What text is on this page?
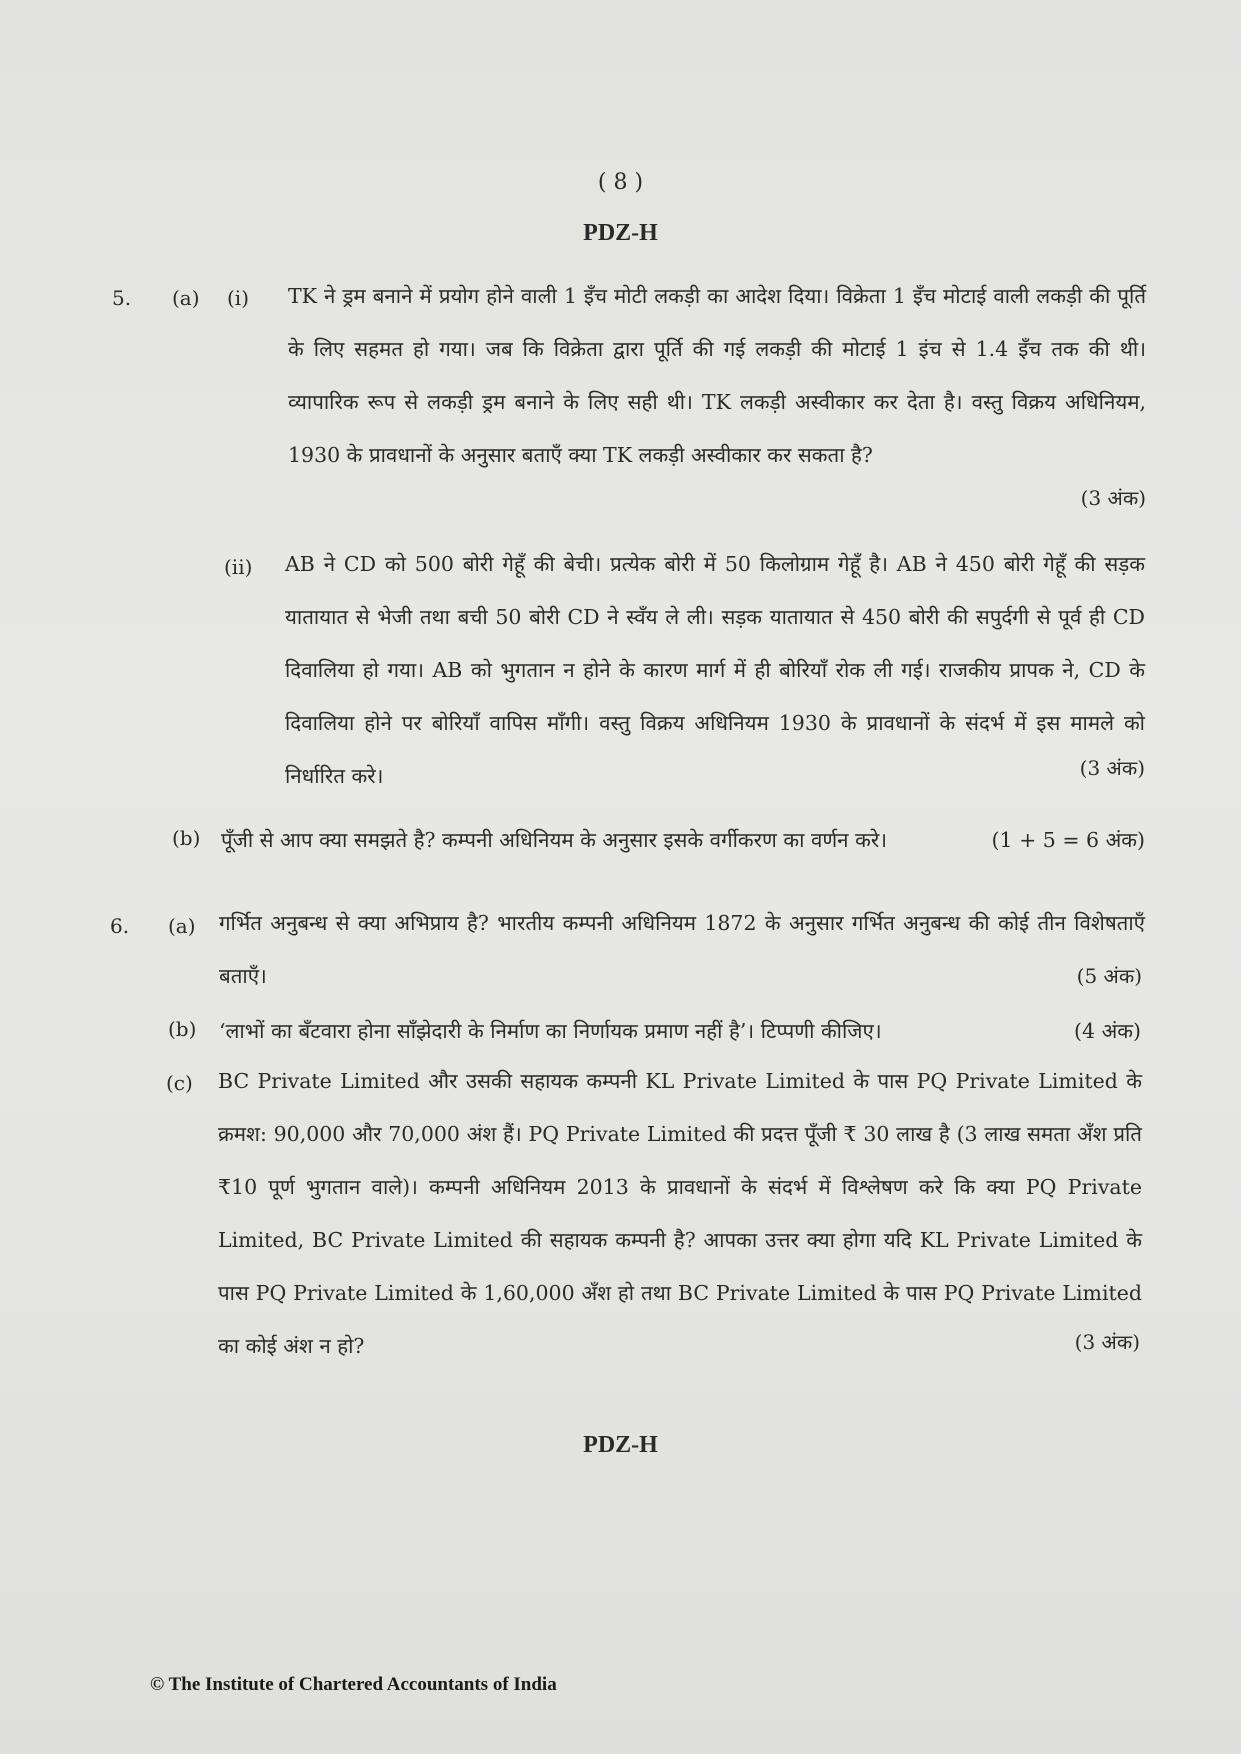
( 8 )
PDZ-H
5. (a) (i) TK ने ड्रम बनाने में प्रयोग होने वाली 1 इँच मोटी लकड़ी का आदेश दिया। विक्रेता 1 इँच मोटाई वाली लकड़ी की पूर्ति के लिए सहमत हो गया। जब कि विक्रेता द्वारा पूर्ति की गई लकड़ी की मोटाई 1 इंच से 1.4 इँच तक की थी। व्यापारिक रूप से लकड़ी ड्रम बनाने के लिए सही थी। TK लकड़ी अस्वीकार कर देता है। वस्तु विक्रय अधिनियम, 1930 के प्रावधानों के अनुसार बताएँ क्या TK लकड़ी अस्वीकार कर सकता है?
(3 अंक)
(ii) AB ने CD को 500 बोरी गेहूँ की बेची। प्रत्येक बोरी में 50 किलोग्राम गेहूँ है। AB ने 450 बोरी गेहूँ की सड़क यातायात से भेजी तथा बची 50 बोरी CD ने स्वँय ले ली। सड़क यातायात से 450 बोरी की सपुर्दगी से पूर्व ही CD दिवालिया हो गया। AB को भुगतान न होने के कारण मार्ग में ही बोरियाँ रोक ली गई। राजकीय प्रापक ने, CD के दिवालिया होने पर बोरियाँ वापिस माँगी। वस्तु विक्रय अधिनियम 1930 के प्रावधानों के संदर्भ में इस मामले को निर्धारित करे।	(3 अंक)
(b) पूँजी से आप क्या समझते है? कम्पनी अधिनियम के अनुसार इसके वर्गीकरण का वर्णन करे।	(1 + 5 = 6 अंक)
6. (a) गर्भित अनुबन्ध से क्या अभिप्राय है? भारतीय कम्पनी अधिनियम 1872 के अनुसार गर्भित अनुबन्ध की कोई तीन विशेषताएँ बताएँ।	(5 अंक)
(b) ‘लाभों का बँटवारा होना साँझेदारी के निर्माण का निर्णायक प्रमाण नहीं है’। टिप्पणी कीजिए।	(4 अंक)
(c) BC Private Limited और उसकी सहायक कम्पनी KL Private Limited के पास PQ Private Limited के क्रमश: 90,000 और 70,000 अंश हैं। PQ Private Limited की प्रदत्त पूँजी ₹ 30 लाख है (3 लाख समता अँश प्रति ₹10 पूर्ण भुगतान वाले)। कम्पनी अधिनियम 2013 के प्रावधानों के संदर्भ में विश्लेषण करे कि क्या PQ Private Limited, BC Private Limited की सहायक कम्पनी है? आपका उत्तर क्या होगा यदि KL Private Limited के पास PQ Private Limited के 1,60,000 अँश हो तथा BC Private Limited के पास PQ Private Limited का कोई अंश न हो?	(3 अंक)
PDZ-H
© The Institute of Chartered Accountants of India
